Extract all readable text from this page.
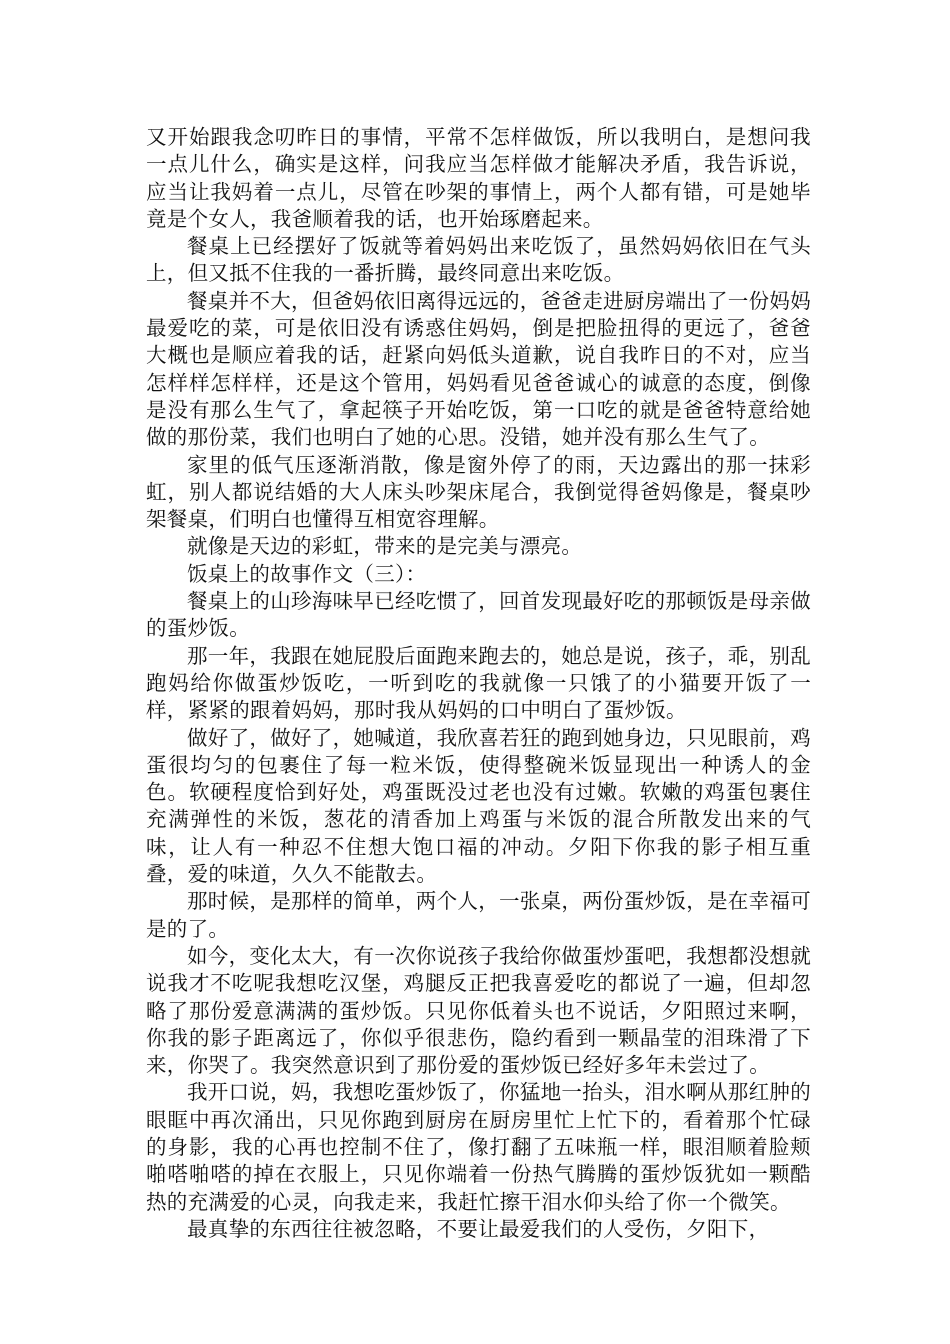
又开始跟我念叨昨日的事情，平常不怎样做饭，所以我明白，是想问我一点儿什么，确实是这样，问我应当怎样做才能解决矛盾，我告诉说，应当让我妈着一点儿，尽管在吵架的事情上，两个人都有错，可是她毕竟是个女人，我爸顺着我的话，也开始琢磨起来。

餐桌上已经摆好了饭就等着妈妈出来吃饭了，虽然妈妈依旧在气头上，但又抵不住我的一番折腾，最终同意出来吃饭。

餐桌并不大，但爸妈依旧离得远远的，爸爸走进厨房端出了一份妈妈最爱吃的菜，可是依旧没有诱惑住妈妈，倒是把脸扭得的更远了，爸爸大概也是顺应着我的话，赶紧向妈低头道歉，说自我昨日的不对，应当怎样样怎样样，还是这个管用，妈妈看见爸爸诚心的诚意的态度，倒像是没有那么生气了，拿起筷子开始吃饭，第一口吃的就是爸爸特意给她做的那份菜，我们也明白了她的心思。没错，她并没有那么生气了。

家里的低气压逐渐消散，像是窗外停了的雨，天边露出的那一抹彩虹，别人都说结婚的大人床头吵架床尾合，我倒觉得爸妈像是，餐桌吵架餐桌，们明白也懂得互相宽容理解。

就像是天边的彩虹，带来的是完美与漂亮。

饭桌上的故事作文（三）：

餐桌上的山珍海味早已经吃惯了，回首发现最好吃的那顿饭是母亲做的蛋炒饭。

那一年，我跟在她屁股后面跑来跑去的，她总是说，孩子，乖，别乱跑妈给你做蛋炒饭吃，一听到吃的我就像一只饿了的小猫要开饭了一样，紧紧的跟着妈妈，那时我从妈妈的口中明白了蛋炒饭。

做好了，做好了，她喊道，我欣喜若狂的跑到她身边，只见眼前，鸡蛋很均匀的包裹住了每一粒米饭，使得整碗米饭显现出一种诱人的金色。软硬程度恰到好处，鸡蛋既没过老也没有过嫩。软嫩的鸡蛋包裹住充满弹性的米饭，葱花的清香加上鸡蛋与米饭的混合所散发出来的气味，让人有一种忍不住想大饱口福的冲动。夕阳下你我的影子相互重叠，爱的味道，久久不能散去。

那时候，是那样的简单，两个人，一张桌，两份蛋炒饭，是在幸福可是的了。

如今，变化太大，有一次你说孩子我给你做蛋炒蛋吧，我想都没想就说我才不吃呢我想吃汉堡，鸡腿反正把我喜爱吃的都说了一遍，但却忽略了那份爱意满满的蛋炒饭。只见你低着头也不说话，夕阳照过来啊，你我的影子距离远了，你似乎很悲伤，隐约看到一颗晶莹的泪珠滑了下来，你哭了。我突然意识到了那份爱的蛋炒饭已经好多年未尝过了。

我开口说，妈，我想吃蛋炒饭了，你猛地一抬头，泪水啊从那红肿的眼眶中再次涌出，只见你跑到厨房在厨房里忙上忙下的，看着那个忙碌的身影，我的心再也控制不住了，像打翻了五味瓶一样，眼泪顺着脸颊啪嗒啪嗒的掉在衣服上，只见你端着一份热气腾腾的蛋炒饭犹如一颗酷热的充满爱的心灵，向我走来，我赶忙擦干泪水仰头给了你一个微笑。

最真挚的东西往往被忽略，不要让最爱我们的人受伤，夕阳下，
